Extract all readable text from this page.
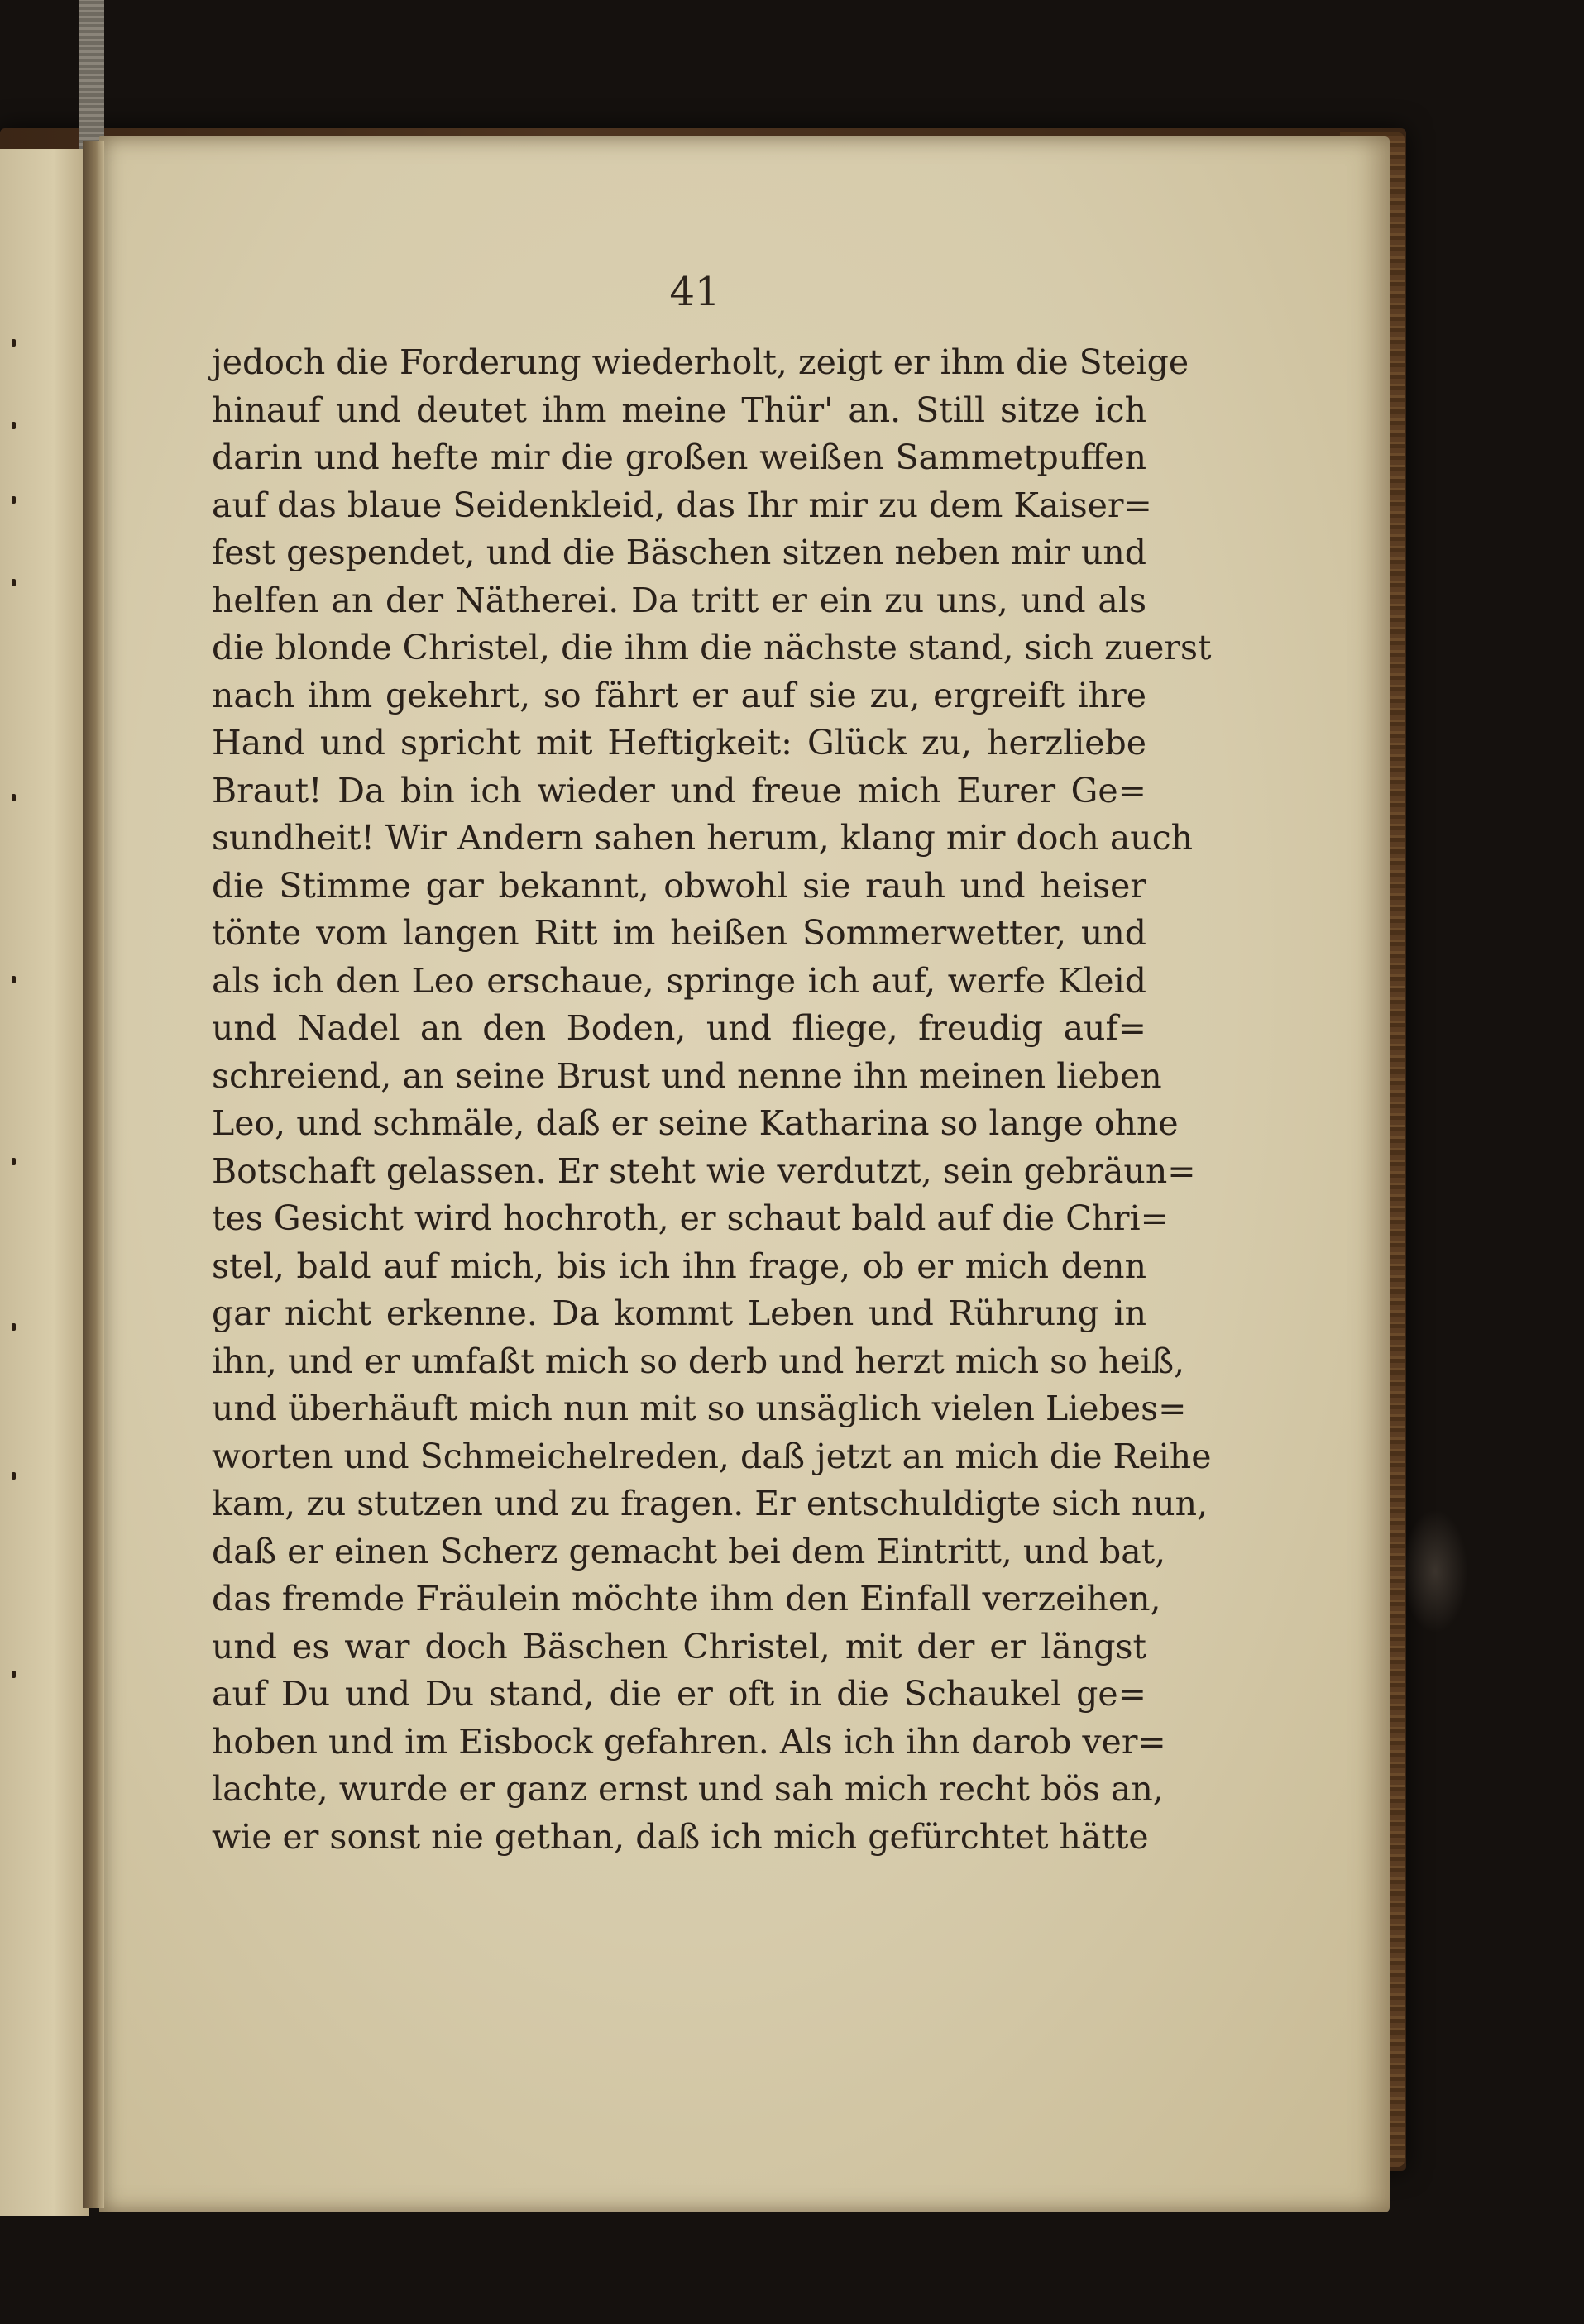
41

jedoch die Forderung wiederholt, zeigt er ihm die Steige
hinauf und deutet ihm meine Thür' an. Still sitze ich
darin und hefte mir die großen weißen Sammetpuffen
auf das blaue Seidenkleid, das Ihr mir zu dem Kaiser=
fest gespendet, und die Bäschen sitzen neben mir und
helfen an der Nätherei. Da tritt er ein zu uns, und als
die blonde Christel, die ihm die nächste stand, sich zuerst
nach ihm gekehrt, so fährt er auf sie zu, ergreift ihre
Hand und spricht mit Heftigkeit: Glück zu, herzliebe
Braut! Da bin ich wieder und freue mich Eurer Ge=
sundheit! Wir Andern sahen herum, klang mir doch auch
die Stimme gar bekannt, obwohl sie rauh und heiser
tönte vom langen Ritt im heißen Sommerwetter, und
als ich den Leo erschaue, springe ich auf, werfe Kleid
und Nadel an den Boden, und fliege, freudig auf=
schreiend, an seine Brust und nenne ihn meinen lieben
Leo, und schmäle, daß er seine Katharina so lange ohne
Botschaft gelassen. Er steht wie verdutzt, sein gebräun=
tes Gesicht wird hochroth, er schaut bald auf die Chri=
stel, bald auf mich, bis ich ihn frage, ob er mich denn
gar nicht erkenne. Da kommt Leben und Rührung in
ihn, und er umfaßt mich so derb und herzt mich so heiß,
und überhäuft mich nun mit so unsäglich vielen Liebes=
worten und Schmeichelreden, daß jetzt an mich die Reihe
kam, zu stutzen und zu fragen. Er entschuldigte sich nun,
daß er einen Scherz gemacht bei dem Eintritt, und bat,
das fremde Fräulein möchte ihm den Einfall verzeihen,
und es war doch Bäschen Christel, mit der er längst
auf Du und Du stand, die er oft in die Schaukel ge=
hoben und im Eisbock gefahren. Als ich ihn darob ver=
lachte, wurde er ganz ernst und sah mich recht bös an,
wie er sonst nie gethan, daß ich mich gefürchtet hätte
